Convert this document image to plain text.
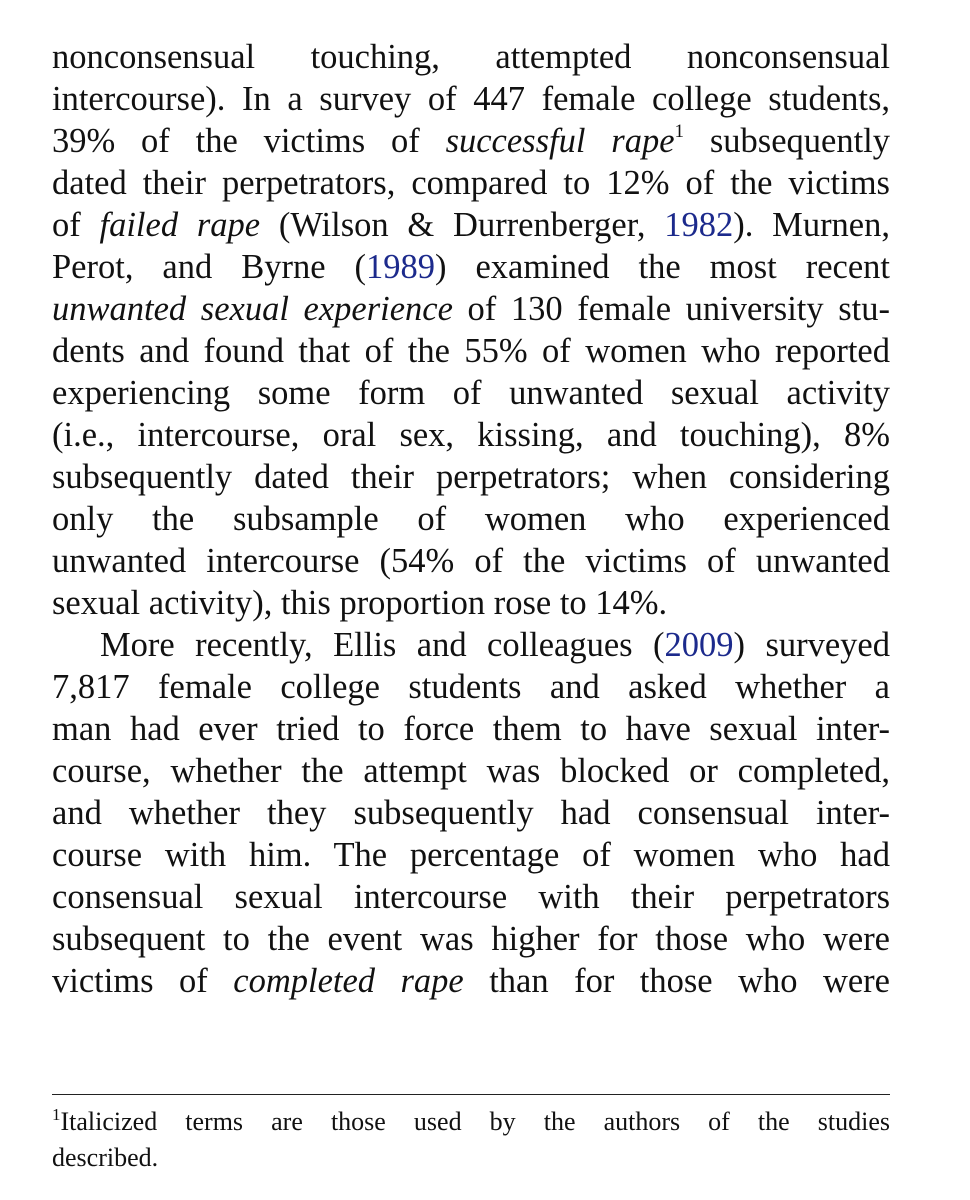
nonconsensual touching, attempted nonconsensual
intercourse). In a survey of 447 female college students,
39% of the victims of successful rape$^1$ subsequently
dated their perpetrators, compared to 12% of the victims
of failed rape (Wilson & Durrenberger, 1982). Murnen,
Perot, and Byrne (1989) examined the most recent
unwanted sexual experience of 130 female university stu-
dents and found that of the 55% of women who reported
experiencing some form of unwanted sexual activity
(i.e., intercourse, oral sex, kissing, and touching), 8%
subsequently dated their perpetrators; when considering
only the subsample of women who experienced
unwanted intercourse (54% of the victims of unwanted
sexual activity), this proportion rose to 14%.
More recently, Ellis and colleagues (2009) surveyed
7,817 female college students and asked whether a
man had ever tried to force them to have sexual inter-
course, whether the attempt was blocked or completed,
and whether they subsequently had consensual inter-
course with him. The percentage of women who had
consensual sexual intercourse with their perpetrators
subsequent to the event was higher for those who were
victims of completed rape than for those who were
$^1$Italicized terms are those used by the authors of the studies
described.
